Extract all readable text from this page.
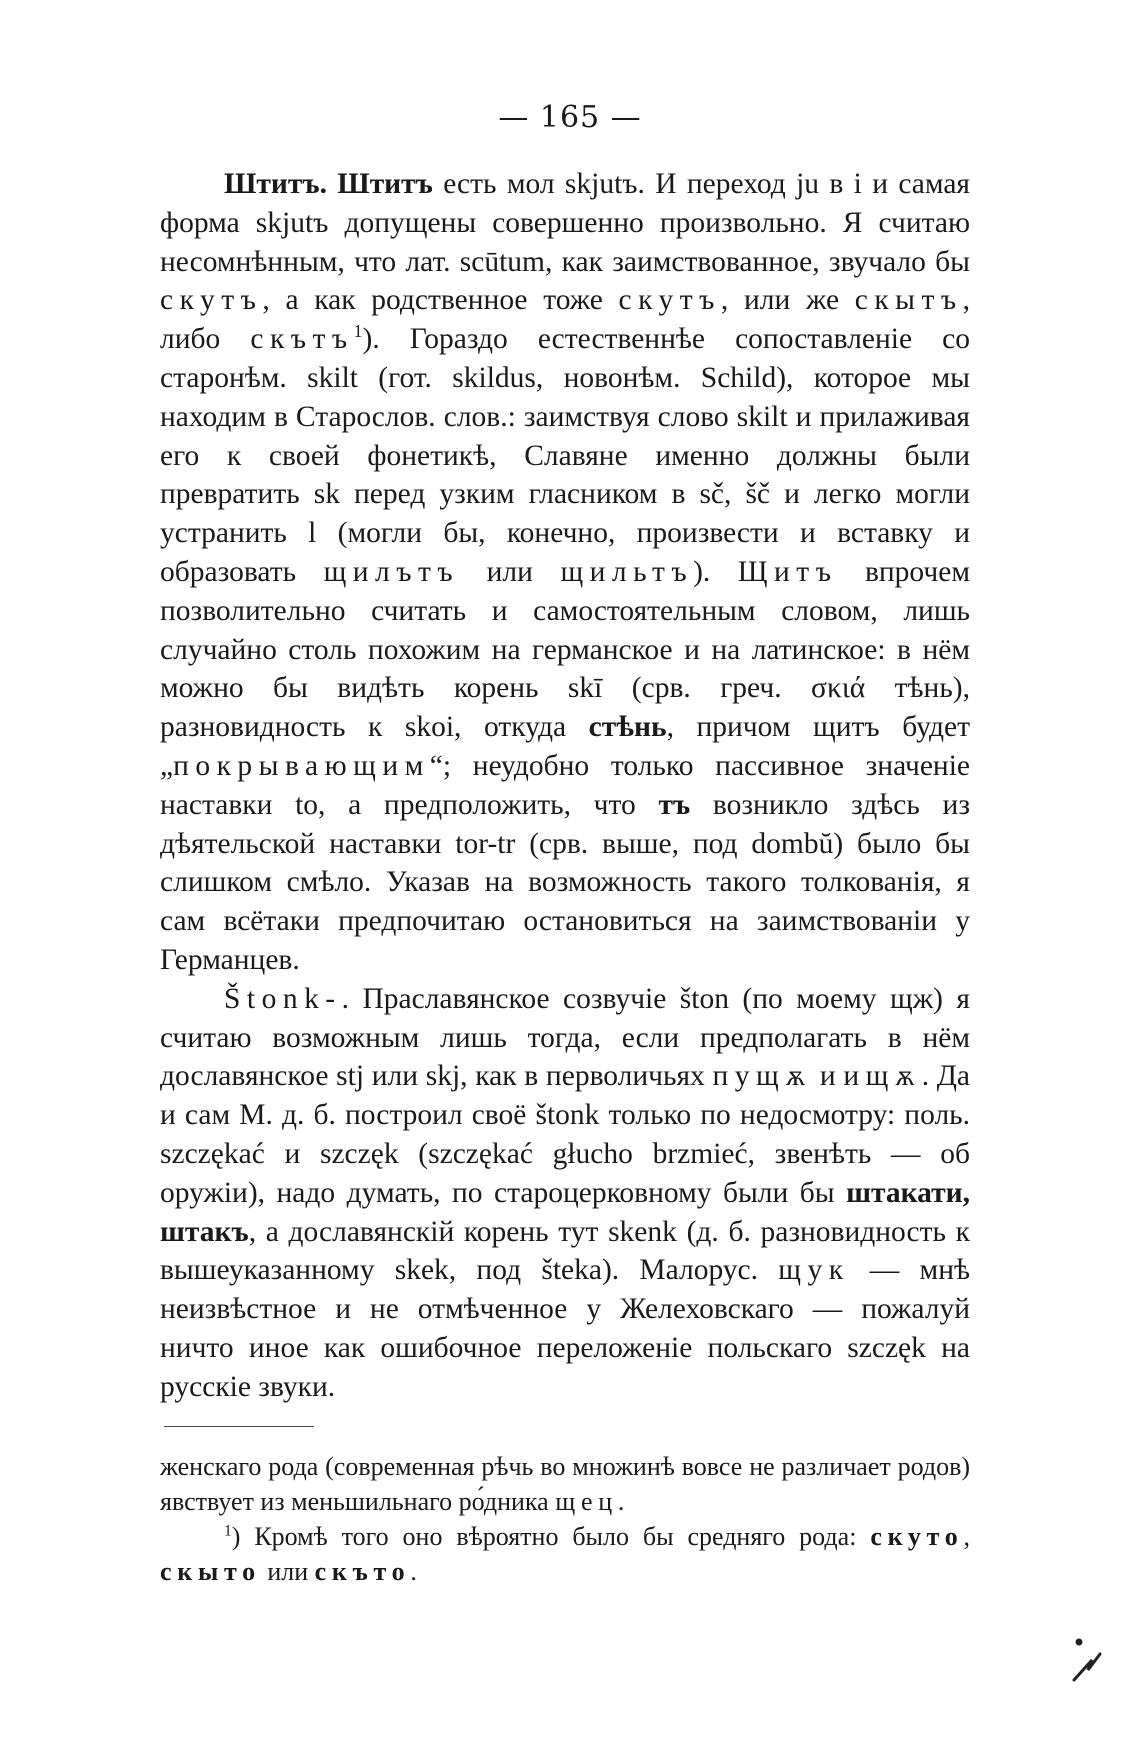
— 165 —

Штитъ. Штитъ есть мол skjutъ. И переход ju в i и самая форма skjutъ допущены совершенно произвольно. Я считаю несомнѣнным, что лат. scūtum, как заимствованное, звучало бы скутъ, а как родственное тоже скутъ, или же скытъ, либо скътъ$^1$). Гораздо естественнѣе сопоставленіе со старонѣм. skilt (гот. skildus, новонѣм. Schild), которое мы находим в Старослов. слов.: заимствуя слово skilt и прилаживая его к своей фонетикѣ, Славяне именно должны были превратить sk перед узким гласником в sč, šč и легко могли устранить l (могли бы, конечно, произвести и вставку и образовать щилътъ или щильтъ). Щитъ впрочем позволительно считать и самостоятельным словом, лишь случайно столь похожим на германское и на латинское: в нём можно бы видѣть корень skī (срв. греч. σκιά тѣнь), разновидность к skoi, откуда стѣнь, причом щитъ будет „покрывающим“; неудобно только пассивное значеніе наставки to, а предположить, что тъ возникло здѣсь из дѣятельской наставки tor-tr (срв. выше, под dombŭ) было бы слишком смѣло. Указав на возможность такого толкованія, я сам всётаки предпочитаю остановиться на заимствованіи у Германцев.

Štonk-. Праславянское созвучіе šton (по моему щж) я считаю возможным лишь тогда, если предполагать в нём дославянское stj или skj, как в перволичьях пущѫ и ищѫ. Да и сам М. д. б. построил своё štonk только по недосмотру: поль. szczękać и szczęk (szczękać głucho brzmieć, звенѣть — об оружіи), надо думать, по староцерковному были бы штакати, штакъ, а дославянскій корень тут skenk (д. б. разновидность к вышеуказанному skek, под šteka). Малорус. щук — мнѣ неизвѣстное и не отмѣченное у Желеховскаго — пожалуй ничто иное как ошибочное переложеніе польскаго szczęk на русскіе звуки.

женскаго рода (современная рѣчь во множинѣ вовсе не различает родов) явствует из меньшильнаго ро́дника щец.

$^1$) Кромѣ того оно вѣроятно было бы средняго рода: скуто, скыто или скъто.
